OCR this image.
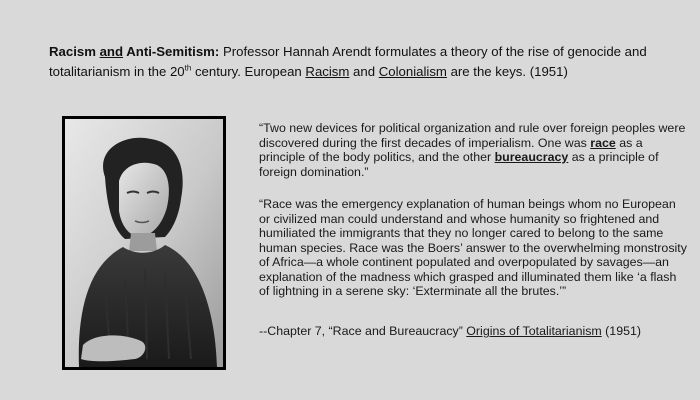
Racism and Anti-Semitism: Professor Hannah Arendt formulates a theory of the rise of genocide and totalitarianism in the 20th century. European Racism and Colonialism are the keys. (1951)
“Two new devices for political organization and rule over foreign peoples were discovered during the first decades of imperialism. One was race as a principle of the body politics, and the other bureaucracy as a principle of foreign domination.”
“Race was the emergency explanation of human beings whom no European or civilized man could understand and whose humanity so frightened and humiliated the immigrants that they no longer cared to belong to the same human species. Race was the Boers’ answer to the overwhelming monstrosity of Africa—a whole continent populated and overpopulated by savages—an explanation of the madness which grasped and illuminated them like ‘a flash of lightning in a serene sky: ‘Exterminate all the brutes.’”
--Chapter 7, “Race and Bureaucracy” Origins of Totalitarianism (1951)
